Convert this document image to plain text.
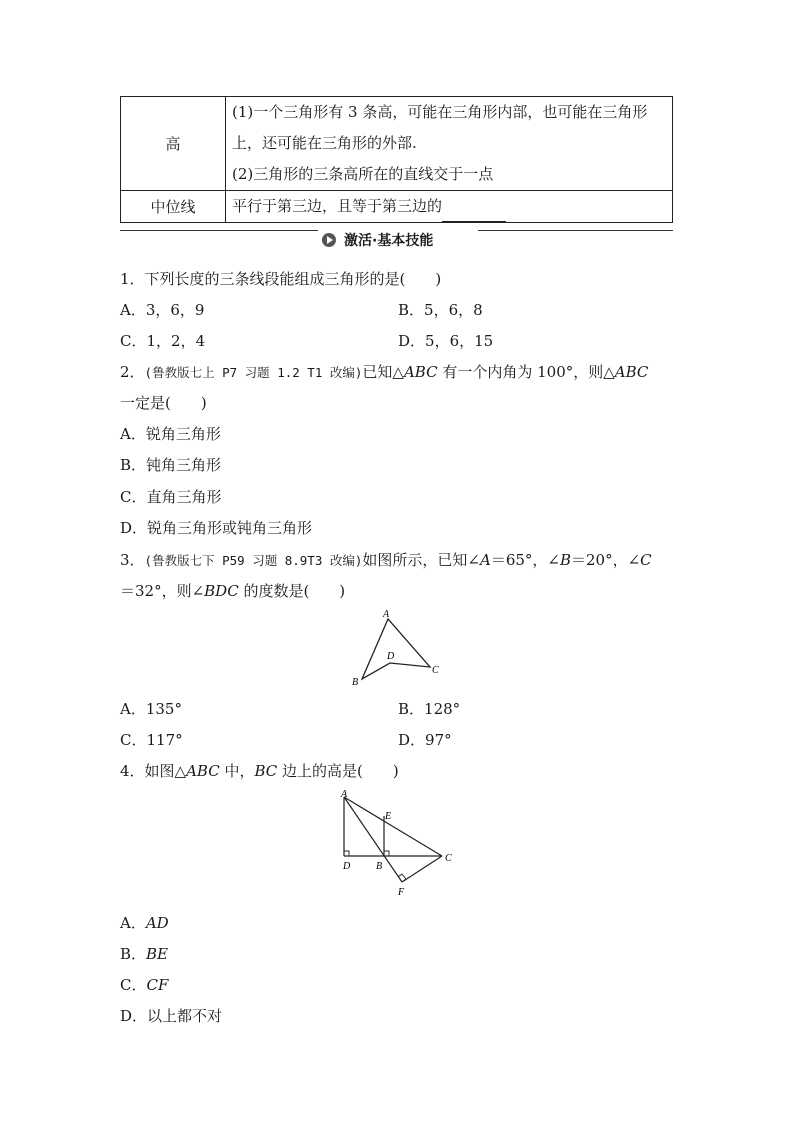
高	(1)一个三角形有 3 条高，可能在三角形内部，也可能在三角形
上，还可能在三角形的外部.
(2)三角形的三条高所在的直线交于一点

中位线	平行于第三边，且等于第三边的
激活·基本技能
1．下列长度的三条线段能组成三角形的是(　　)
A．3，6，9	B．5，6，8
C．1，2，4	D．5，6，15
2．(鲁教版七上 P7 习题 1.2 T1 改编)已知△ABC 有一个内角为 100°，则△ABC
一定是(　　)
A．锐角三角形
B．钝角三角形
C．直角三角形
D．锐角三角形或钝角三角形
3．(鲁教版七下 P59 习题 8.9T3 改编)如图所示，已知∠A＝65°，∠B＝20°，∠C
＝32°，则∠BDC 的度数是(　　)
A
B
C
D
A．135°	B．128°
C．117°	D．97°
4．如图△ABC 中，BC 边上的高是(　　)
A
B
C
D
E
F
A．AD
B．BE
C．CF
D．以上都不对
